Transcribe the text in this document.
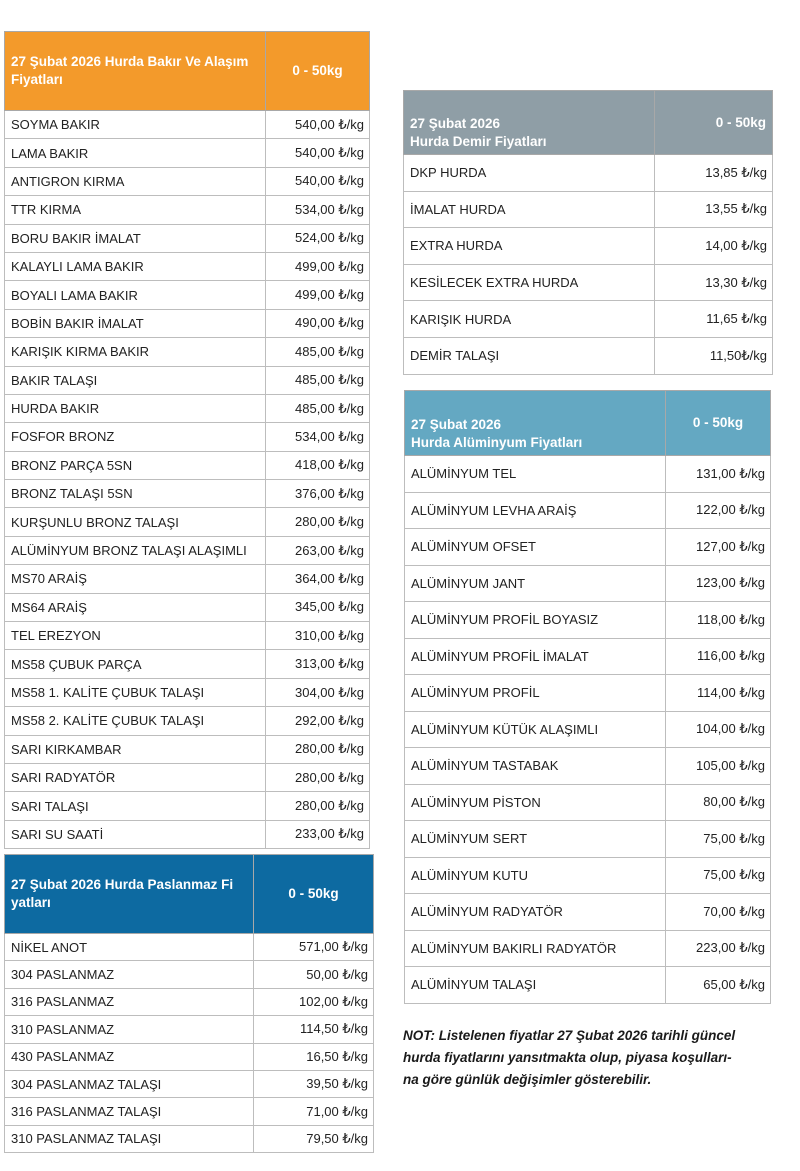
27 Şubat 2026 Hurda Bakır Ve Alaşım Fiyatları	0 - 50kg
SOYMA BAKIR	540,00 ₺/kg
LAMA BAKIR	540,00 ₺/kg
ANTIGRON KIRMA	540,00 ₺/kg
TTR KIRMA	534,00 ₺/kg
BORU BAKIR İMALAT	524,00 ₺/kg
KALAYLI LAMA BAKIR	499,00 ₺/kg
BOYALI LAMA BAKIR	499,00 ₺/kg
BOBİN BAKIR İMALAT	490,00 ₺/kg
KARIŞIK KIRMA BAKIR	485,00 ₺/kg
BAKIR TALAŞI	485,00 ₺/kg
HURDA BAKIR	485,00 ₺/kg
FOSFOR BRONZ	534,00 ₺/kg
BRONZ PARÇA 5SN	418,00 ₺/kg
BRONZ TALAŞI 5SN	376,00 ₺/kg
KURŞUNLU BRONZ TALAŞI	280,00 ₺/kg
ALÜMİNYUM BRONZ TALAŞI ALAŞIMLI	263,00 ₺/kg
MS70 ARAİŞ	364,00 ₺/kg
MS64 ARAİŞ	345,00 ₺/kg
TEL EREZYON	310,00 ₺/kg
MS58 ÇUBUK PARÇA	313,00 ₺/kg
MS58 1. KALİTE ÇUBUK TALAŞI	304,00 ₺/kg
MS58 2. KALİTE ÇUBUK TALAŞI	292,00 ₺/kg
SARI KIRKAMBAR	280,00 ₺/kg
SARI RADYATÖR	280,00 ₺/kg
SARI TALAŞI	280,00 ₺/kg
SARI SU SAATİ	233,00 ₺/kg
27 Şubat 2026 Hurda Paslanmaz Fi yatları	0 - 50kg
NİKEL ANOT	571,00 ₺/kg
304 PASLANMAZ	50,00 ₺/kg
316 PASLANMAZ	102,00 ₺/kg
310 PASLANMAZ	114,50 ₺/kg
430 PASLANMAZ	16,50 ₺/kg
304 PASLANMAZ TALAŞI	39,50 ₺/kg
316 PASLANMAZ TALAŞI	71,00 ₺/kg
310 PASLANMAZ TALAŞI	79,50 ₺/kg
27 Şubat 2026
Hurda Demir Fiyatları	0 - 50kg
DKP HURDA	13,85 ₺/kg
İMALAT HURDA	13,55 ₺/kg
EXTRA HURDA	14,00 ₺/kg
KESİLECEK EXTRA HURDA	13,30 ₺/kg
KARIŞIK HURDA	11,65 ₺/kg
DEMİR TALAŞI	11,50₺/kg
27 Şubat 2026
Hurda Alüminyum Fiyatları	0 - 50kg
ALÜMİNYUM TEL	131,00 ₺/kg
ALÜMİNYUM LEVHA ARAİŞ	122,00 ₺/kg
ALÜMİNYUM OFSET	127,00 ₺/kg
ALÜMİNYUM JANT	123,00 ₺/kg
ALÜMİNYUM PROFİL BOYASIZ	118,00 ₺/kg
ALÜMİNYUM PROFİL İMALAT	116,00 ₺/kg
ALÜMİNYUM PROFİL	114,00 ₺/kg
ALÜMİNYUM KÜTÜK ALAŞIMLI	104,00 ₺/kg
ALÜMİNYUM TASTABAK	105,00 ₺/kg
ALÜMİNYUM PİSTON	80,00 ₺/kg
ALÜMİNYUM SERT	75,00 ₺/kg
ALÜMİNYUM KUTU	75,00 ₺/kg
ALÜMİNYUM RADYATÖR	70,00 ₺/kg
ALÜMİNYUM BAKIRLI RADYATÖR	223,00 ₺/kg
ALÜMİNYUM TALAŞI	65,00 ₺/kg
NOT: Listelenen fiyatlar 27 Şubat 2026 tarihli güncel
hurda fiyatlarını yansıtmakta olup, piyasa koşulları-
na göre günlük değişimler gösterebilir.
